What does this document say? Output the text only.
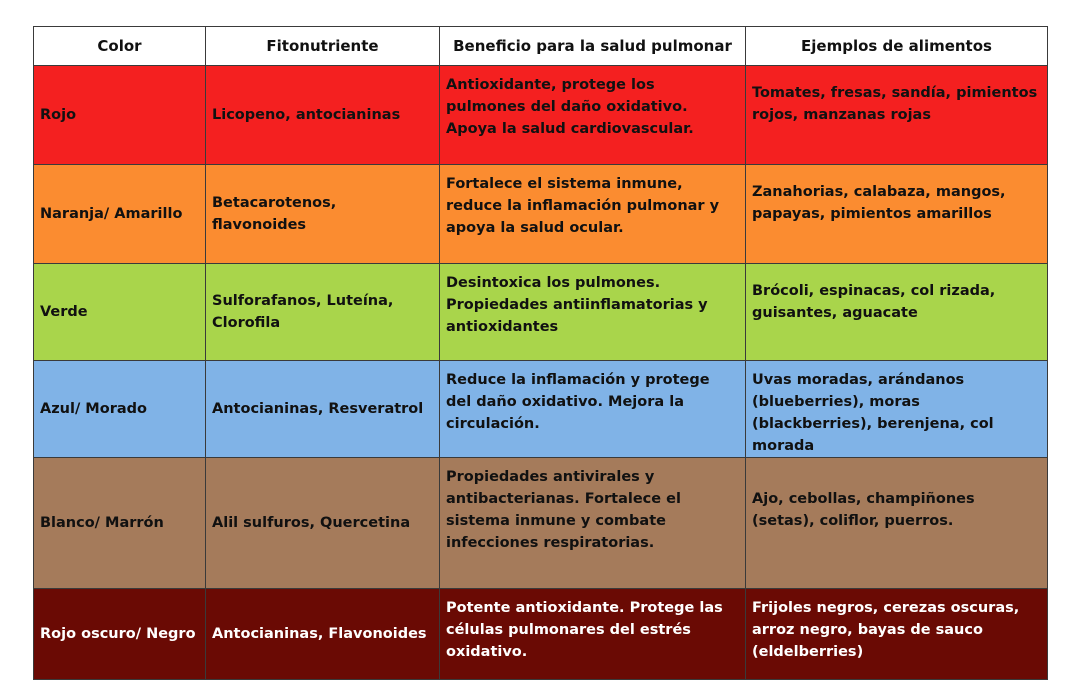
Color	Fitonutriente	Beneficio para la salud pulmonar	Ejemplos de alimentos
Rojo	Licopeno, antocianinas	Antioxidante, protege los pulmones del daño oxidativo. Apoya la salud cardiovascular.	Tomates, fresas, sandía, pimientos rojos, manzanas rojas
Naranja/ Amarillo	Betacarotenos, flavonoides	Fortalece el sistema inmune, reduce la inflamación pulmonar y apoya la salud ocular.	Zanahorias, calabaza, mangos, papayas, pimientos amarillos
Verde	Sulforafanos, Luteína, Clorofila	Desintoxica los pulmones. Propiedades antiinflamatorias y antioxidantes	Brócoli, espinacas, col rizada, guisantes, aguacate
Azul/ Morado	Antocianinas, Resveratrol	Reduce la inflamación y protege del daño oxidativo. Mejora la circulación.	Uvas moradas, arándanos (blueberries), moras (blackberries), berenjena, col morada
Blanco/ Marrón	Alil sulfuros, Quercetina	Propiedades antivirales y antibacterianas. Fortalece el sistema inmune y combate infecciones respiratorias.	Ajo, cebollas, champiñones (setas), coliflor, puerros.
Rojo oscuro/ Negro	Antocianinas, Flavonoides	Potente antioxidante. Protege las células pulmonares del estrés oxidativo.	Frijoles negros, cerezas oscuras, arroz negro, bayas de sauco (eldelberries)
